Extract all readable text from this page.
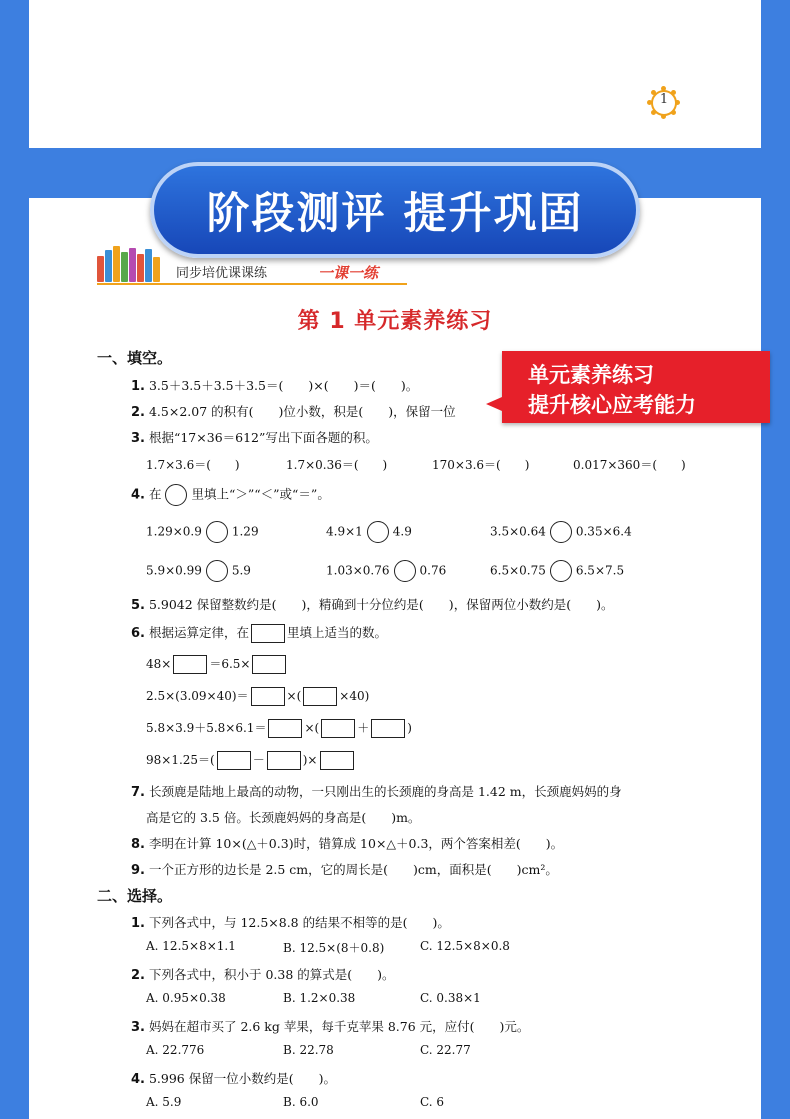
1
阶段测评 提升巩固
同步培优课课练	一课一练
第 1 单元素养练习
一、填空。
1. 3.5＋3.5＋3.5＋3.5＝(　　)×(　　)＝(　　)。
2. 4.5×2.07 的积有(　　)位小数，积是(　　)，保留一位
单元素养练习
提升核心应考能力
3. 根据“17×36＝612”写出下面各题的积。
1.7×3.6＝(　　)	1.7×0.36＝(　　)	170×3.6＝(　　)	0.017×360＝(　　)
4. 在 里填上“＞”“＜”或“＝”。
1.29×0.9	1.29	4.9×1	4.9	3.5×0.64	0.35×6.4
5.9×0.99	5.9	1.03×0.76	0.76	6.5×0.75	6.5×7.5
5. 5.9042 保留整数约是(　　)，精确到十分位约是(　　)，保留两位小数约是(　　)。
6. 根据运算定律，在	里填上适当的数。
48×	＝6.5×
2.5×(3.09×40)＝	×(	×40)
5.8×3.9＋5.8×6.1＝	×(	＋	)
98×1.25＝(	－	)×
7. 长颈鹿是陆地上最高的动物，一只刚出生的长颈鹿的身高是 1.42 m，长颈鹿妈妈的身
高是它的 3.5 倍。长颈鹿妈妈的身高是(　　)m。
8. 李明在计算 10×(△＋0.3)时，错算成 10×△＋0.3，两个答案相差(　　)。
9. 一个正方形的边长是 2.5 cm，它的周长是(　　)cm，面积是(　　)cm²。
二、选择。
1. 下列各式中，与 12.5×8.8 的结果不相等的是(　　)。
A. 12.5×8×1.1	B. 12.5×(8＋0.8)	C. 12.5×8×0.8
2. 下列各式中，积小于 0.38 的算式是(　　)。
A. 0.95×0.38	B. 1.2×0.38	C. 0.38×1
3. 妈妈在超市买了 2.6 kg 苹果，每千克苹果 8.76 元，应付(　　)元。
A. 22.776	B. 22.78	C. 22.77
4. 5.996 保留一位小数约是(　　)。
A. 5.9	B. 6.0	C. 6
